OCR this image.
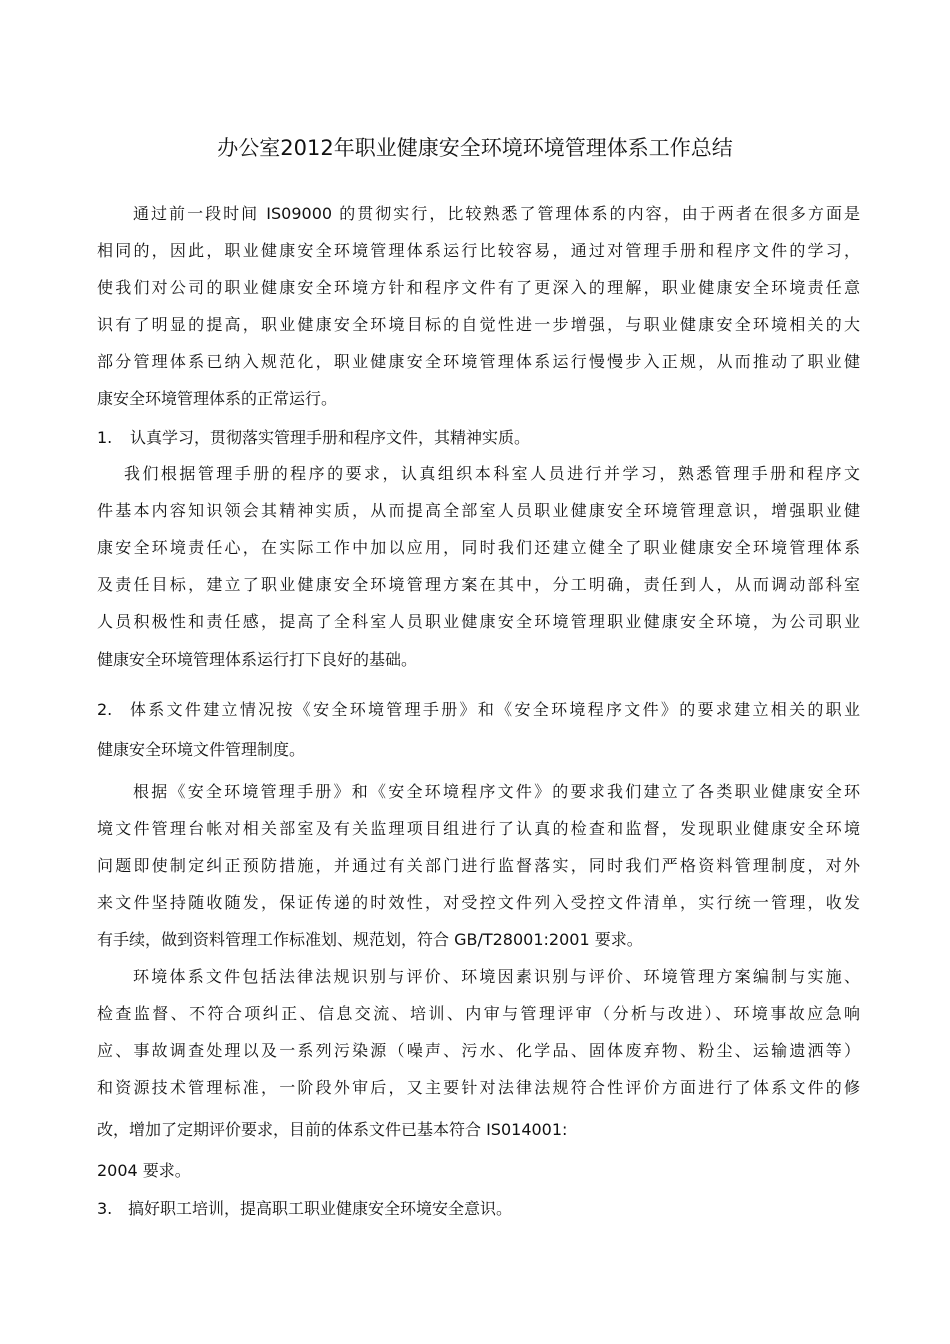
办公室2012年职业健康安全环境环境管理体系工作总结
通过前一段时间 IS09000 的贯彻实行，比较熟悉了管理体系的内容，由于两者在很多方面是
相同的，因此，职业健康安全环境管理体系运行比较容易，通过对管理手册和程序文件的学习，
使我们对公司的职业健康安全环境方针和程序文件有了更深入的理解，职业健康安全环境责任意
识有了明显的提高，职业健康安全环境目标的自觉性进一步增强，与职业健康安全环境相关的大
部分管理体系已纳入规范化，职业健康安全环境管理体系运行慢慢步入正规，从而推动了职业健
康安全环境管理体系的正常运行。
1. 认真学习，贯彻落实管理手册和程序文件，其精神实质。
我们根据管理手册的程序的要求，认真组织本科室人员进行并学习，熟悉管理手册和程序文
件基本内容知识领会其精神实质，从而提高全部室人员职业健康安全环境管理意识，增强职业健
康安全环境责任心，在实际工作中加以应用，同时我们还建立健全了职业健康安全环境管理体系
及责任目标，建立了职业健康安全环境管理方案在其中，分工明确，责任到人，从而调动部科室
人员积极性和责任感，提高了全科室人员职业健康安全环境管理职业健康安全环境，为公司职业
健康安全环境管理体系运行打下良好的基础。
2. 体系文件建立情况按《安全环境管理手册》和《安全环境程序文件》的要求建立相关的职业
健康安全环境文件管理制度。
根据《安全环境管理手册》和《安全环境程序文件》的要求我们建立了各类职业健康安全环
境文件管理台帐对相关部室及有关监理项目组进行了认真的检查和监督，发现职业健康安全环境
问题即使制定纠正预防措施，并通过有关部门进行监督落实，同时我们严格资料管理制度，对外
来文件坚持随收随发，保证传递的时效性，对受控文件列入受控文件清单，实行统一管理，收发
有手续，做到资料管理工作标准划、规范划，符合 GB/T28001:2001 要求。
环境体系文件包括法律法规识别与评价、环境因素识别与评价、环境管理方案编制与实施、
检查监督、不符合项纠正、信息交流、培训、内审与管理评审（分析与改进）、环境事故应急响
应、事故调查处理以及一系列污染源（噪声、污水、化学品、固体废弃物、粉尘、运输遗洒等）
和资源技术管理标准，一阶段外审后，又主要针对法律法规符合性评价方面进行了体系文件的修
改，增加了定期评价要求，目前的体系文件已基本符合 IS014001:
2004 要求。
3. 搞好职工培训，提高职工职业健康安全环境安全意识。
